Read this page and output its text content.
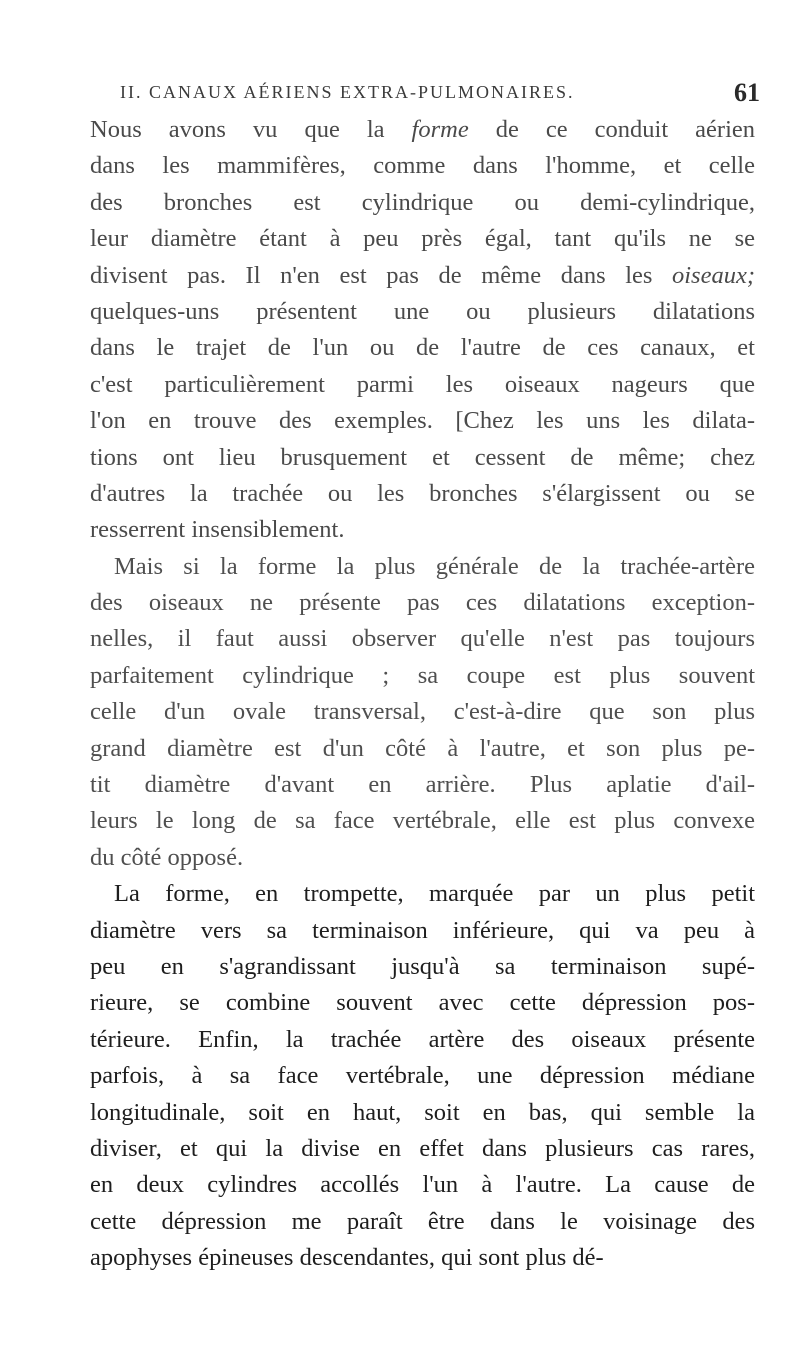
II. CANAUX AÉRIENS EXTRA-PULMONAIRES.	61
Nous avons vu que la forme de ce conduit aérien
dans les mammifères, comme dans l'homme, et celle
des bronches est cylindrique ou demi-cylindrique,
leur diamètre étant à peu près égal, tant qu'ils ne se
divisent pas. Il n'en est pas de même dans les oiseaux;
quelques-uns présentent une ou plusieurs dilatations
dans le trajet de l'un ou de l'autre de ces canaux, et
c'est particulièrement parmi les oiseaux nageurs que
l'on en trouve des exemples. [Chez les uns les dilata-
tions ont lieu brusquement et cessent de même; chez
d'autres la trachée ou les bronches s'élargissent ou se
resserrent insensiblement.
Mais si la forme la plus générale de la trachée-artère
des oiseaux ne présente pas ces dilatations exception-
nelles, il faut aussi observer qu'elle n'est pas toujours
parfaitement cylindrique ; sa coupe est plus souvent
celle d'un ovale transversal, c'est-à-dire que son plus
grand diamètre est d'un côté à l'autre, et son plus pe-
tit diamètre d'avant en arrière. Plus aplatie d'ail-
leurs le long de sa face vertébrale, elle est plus convexe
du côté opposé.
La forme, en trompette, marquée par un plus petit
diamètre vers sa terminaison inférieure, qui va peu à
peu en s'agrandissant jusqu'à sa terminaison supé-
rieure, se combine souvent avec cette dépression pos-
térieure. Enfin, la trachée artère des oiseaux présente
parfois, à sa face vertébrale, une dépression médiane
longitudinale, soit en haut, soit en bas, qui semble la
diviser, et qui la divise en effet dans plusieurs cas rares,
en deux cylindres accollés l'un à l'autre. La cause de
cette dépression me paraît être dans le voisinage des
apophyses épineuses descendantes, qui sont plus dé-
